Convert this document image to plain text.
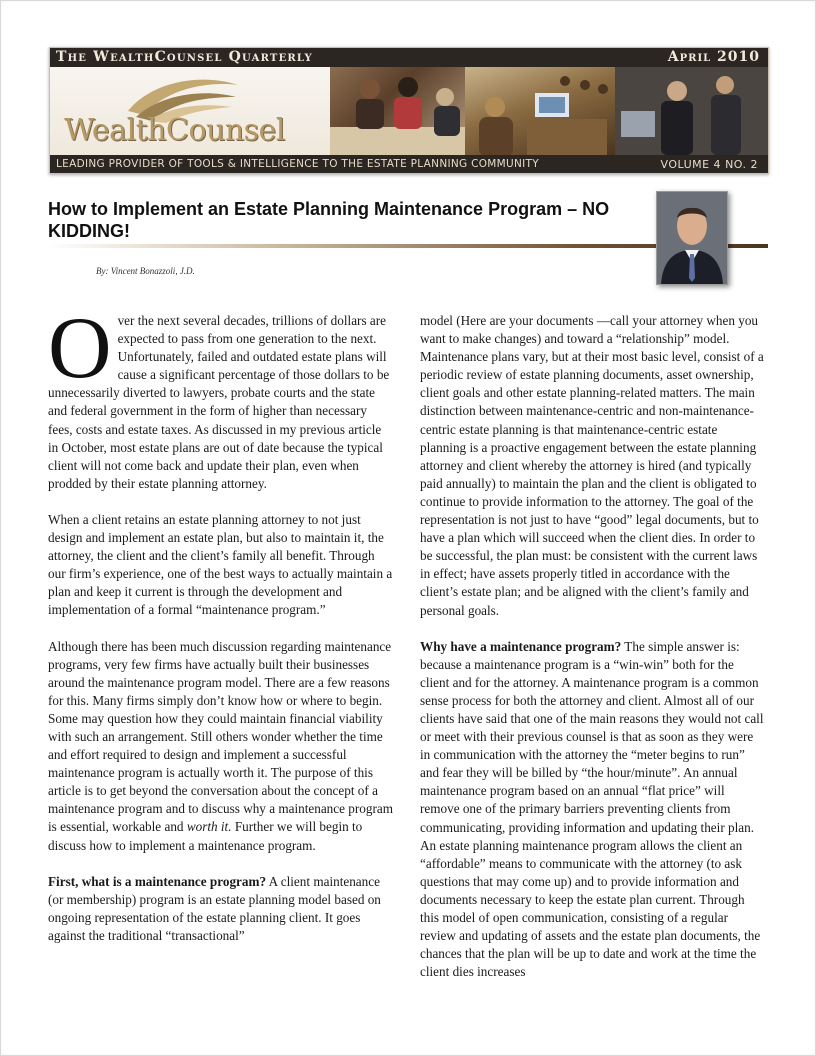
The WealthCounsel Quarterly	April 2010
WealthCounsel
LEADING PROVIDER OF TOOLS & INTELLIGENCE TO THE ESTATE PLANNING COMMUNITY	VOLUME 4 NO. 2
How to Implement an Estate Planning Maintenance Program – NO KIDDING!
By: Vincent Bonazzoli, J.D.

Over the next several decades, trillions of dollars are expected to pass from one generation to the next. Unfortunately, failed and outdated estate plans will cause a significant percentage of those dollars to be unnecessarily diverted to lawyers, probate courts and the state and federal government in the form of higher than necessary fees, costs and estate taxes. As discussed in my previous article in October, most estate plans are out of date because the typical client will not come back and update their plan, even when prodded by their estate planning attorney.

When a client retains an estate planning attorney to not just design and implement an estate plan, but also to maintain it, the attorney, the client and the client’s family all benefit. Through our firm’s experience, one of the best ways to actually maintain a plan and keep it current is through the development and implementation of a formal “maintenance program.”

Although there has been much discussion regarding maintenance programs, very few firms have actually built their businesses around the maintenance program model. There are a few reasons for this. Many firms simply don’t know how or where to begin. Some may question how they could maintain financial viability with such an arrangement. Still others wonder whether the time and effort required to design and implement a successful maintenance program is actually worth it. The purpose of this article is to get beyond the conversation about the concept of a maintenance program and to discuss why a maintenance program is essential, workable and worth it. Further we will begin to discuss how to implement a maintenance program.

First, what is a maintenance program? A client maintenance (or membership) program is an estate planning model based on ongoing representation of the estate planning client. It goes against the traditional “transactional”

model (Here are your documents —call your attorney when you want to make changes) and toward a “relationship” model. Maintenance plans vary, but at their most basic level, consist of a periodic review of estate planning documents, asset ownership, client goals and other estate planning-related matters. The main distinction between maintenance-centric and non-maintenance-centric estate planning is that maintenance-centric estate planning is a proactive engagement between the estate planning attorney and client whereby the attorney is hired (and typically paid annually) to maintain the plan and the client is obligated to continue to provide information to the attorney. The goal of the representation is not just to have “good” legal documents, but to have a plan which will succeed when the client dies. In order to be successful, the plan must: be consistent with the current laws in effect; have assets properly titled in accordance with the client’s estate plan; and be aligned with the client’s family and personal goals.

Why have a maintenance program? The simple answer is: because a maintenance program is a “win-win” both for the client and for the attorney. A maintenance program is a common sense process for both the attorney and client. Almost all of our clients have said that one of the main reasons they would not call or meet with their previous counsel is that as soon as they were in communication with the attorney the “meter begins to run” and fear they will be billed by “the hour/minute”. An annual maintenance program based on an annual “flat price” will remove one of the primary barriers preventing clients from communicating, providing information and updating their plan. An estate planning maintenance program allows the client an “affordable” means to communicate with the attorney (to ask questions that may come up) and to provide information and documents necessary to keep the estate plan current. Through this model of open communication, consisting of a regular review and updating of assets and the estate plan documents, the chances that the plan will be up to date and work at the time the client dies increases
